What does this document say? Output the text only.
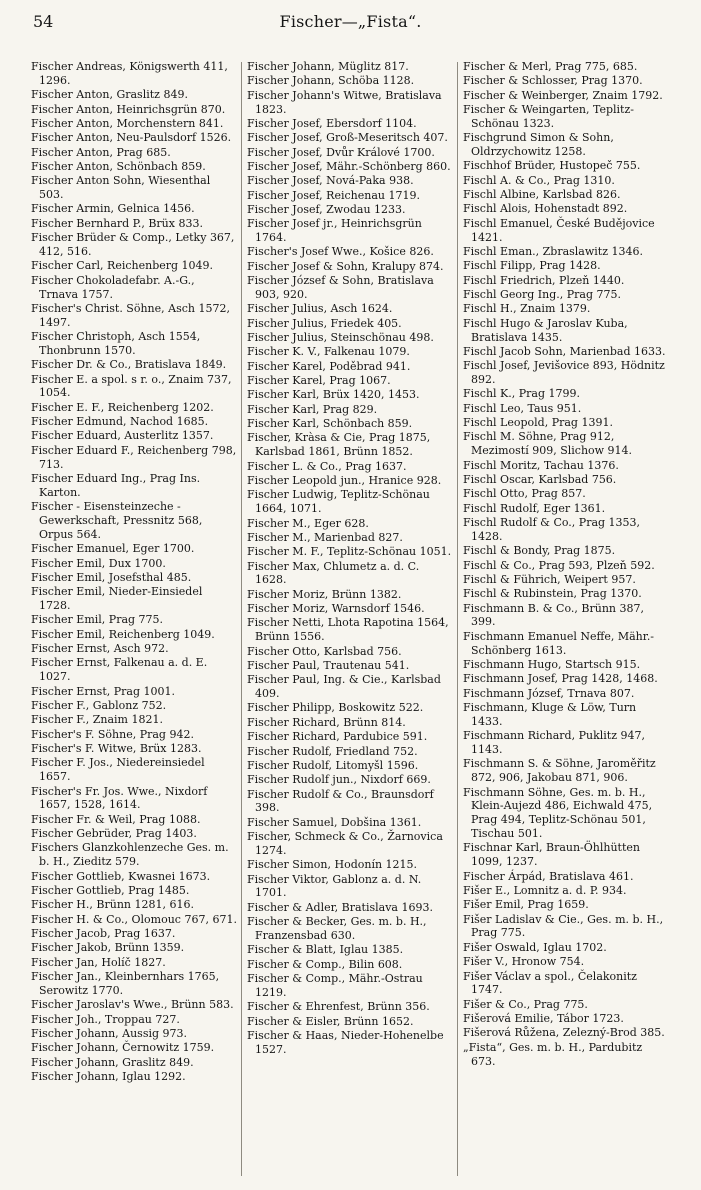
54	Fischer—„Fista“.

Fischer Andreas, Königswerth 411, 1296.

Fischer Anton, Graslitz 849.

Fischer Anton, Heinrichsgrün 870.

Fischer Anton, Morchenstern 841.

Fischer Anton, Neu-Paulsdorf 1526.

Fischer Anton, Prag 685.

Fischer Anton, Schönbach 859.

Fischer Anton Sohn, Wiesenthal 503.

Fischer Armin, Gelnica 1456.

Fischer Bernhard P., Brüx 833.

Fischer Brüder & Comp., Letky 367, 412, 516.

Fischer Carl, Reichenberg 1049.

Fischer Chokoladefabr. A.-G., Trnava 1757.

Fischer's Christ. Söhne, Asch 1572, 1497.

Fischer Christoph, Asch 1554, Thonbrunn 1570.

Fischer Dr. & Co., Bratislava 1849.

Fischer E. a spol. s r. o., Znaim 737, 1054.

Fischer E. F., Reichenberg 1202.

Fischer Edmund, Nachod 1685.

Fischer Eduard, Austerlitz 1357.

Fischer Eduard F., Reichenberg 798, 713.

Fischer Eduard Ing., Prag Ins. Karton.

Fischer - Eisensteinzeche - Gewerkschaft, Pressnitz 568, Orpus 564.

Fischer Emanuel, Eger 1700.

Fischer Emil, Dux 1700.

Fischer Emil, Josefsthal 485.

Fischer Emil, Nieder-Einsiedel 1728.

Fischer Emil, Prag 775.

Fischer Emil, Reichenberg 1049.

Fischer Ernst, Asch 972.

Fischer Ernst, Falkenau a. d. E. 1027.

Fischer Ernst, Prag 1001.

Fischer F., Gablonz 752.

Fischer F., Znaim 1821.

Fischer's F. Söhne, Prag 942.

Fischer's F. Witwe, Brüx 1283.

Fischer F. Jos., Niedereinsiedel 1657.

Fischer's Fr. Jos. Wwe., Nixdorf 1657, 1528, 1614.

Fischer Fr. & Weil, Prag 1088.

Fischer Gebrüder, Prag 1403.

Fischers Glanzkohlenzeche Ges. m. b. H., Zieditz 579.

Fischer Gottlieb, Kwasnei 1673.

Fischer Gottlieb, Prag 1485.

Fischer H., Brünn 1281, 616.

Fischer H. & Co., Olomouc 767, 671.

Fischer Jacob, Prag 1637.

Fischer Jakob, Brünn 1359.

Fischer Jan, Holíč 1827.

Fischer Jan., Kleinbernhars 1765, Serowitz 1770.

Fischer Jaroslav's Wwe., Brünn 583.

Fischer Joh., Troppau 727.

Fischer Johann, Aussig 973.

Fischer Johann, Černowitz 1759.

Fischer Johann, Graslitz 849.

Fischer Johann, Iglau 1292.

Fischer Johann, Müglitz 817.

Fischer Johann, Schöba 1128.

Fischer Johann's Witwe, Bratislava 1823.

Fischer Josef, Ebersdorf 1104.

Fischer Josef, Groß-Meseritsch 407.

Fischer Josef, Dvůr Králové 1700.

Fischer Josef, Mähr.-Schönberg 860.

Fischer Josef, Nová-Paka 938.

Fischer Josef, Reichenau 1719.

Fischer Josef, Zwodau 1233.

Fischer Josef jr., Heinrichsgrün 1764.

Fischer's Josef Wwe., Košice 826.

Fischer Josef & Sohn, Kralupy 874.

Fischer József & Sohn, Bratislava 903, 920.

Fischer Julius, Asch 1624.

Fischer Julius, Friedek 405.

Fischer Julius, Steinschönau 498.

Fischer K. V., Falkenau 1079.

Fischer Karel, Poděbrad 941.

Fischer Karel, Prag 1067.

Fischer Karl, Brüx 1420, 1453.

Fischer Karl, Prag 829.

Fischer Karl, Schönbach 859.

Fischer, Kràsa & Cie, Prag 1875, Karlsbad 1861, Brünn 1852.

Fischer L. & Co., Prag 1637.

Fischer Leopold jun., Hranice 928.

Fischer Ludwig, Teplitz-Schönau 1664, 1071.

Fischer M., Eger 628.

Fischer M., Marienbad 827.

Fischer M. F., Teplitz-Schönau 1051.

Fischer Max, Chlumetz a. d. C. 1628.

Fischer Moriz, Brünn 1382.

Fischer Moriz, Warnsdorf 1546.

Fischer Netti, Lhota Rapotina 1564, Brünn 1556.

Fischer Otto, Karlsbad 756.

Fischer Paul, Trautenau 541.

Fischer Paul, Ing. & Cie., Karlsbad 409.

Fischer Philipp, Boskowitz 522.

Fischer Richard, Brünn 814.

Fischer Richard, Pardubice 591.

Fischer Rudolf, Friedland 752.

Fischer Rudolf, Litomyšl 1596.

Fischer Rudolf jun., Nixdorf 669.

Fischer Rudolf & Co., Braunsdorf 398.

Fischer Samuel, Dobšina 1361.

Fischer, Schmeck & Co., Žarnovica 1274.

Fischer Simon, Hodonín 1215.

Fischer Viktor, Gablonz a. d. N. 1701.

Fischer & Adler, Bratislava 1693.

Fischer & Becker, Ges. m. b. H., Franzensbad 630.

Fischer & Blatt, Iglau 1385.

Fischer & Comp., Bilin 608.

Fischer & Comp., Mähr.-Ostrau 1219.

Fischer & Ehrenfest, Brünn 356.

Fischer & Eisler, Brünn 1652.

Fischer & Haas, Nieder-Hohenelbe 1527.

Fischer & Merl, Prag 775, 685.

Fischer & Schlosser, Prag 1370.

Fischer & Weinberger, Znaim 1792.

Fischer & Weingarten, Teplitz-Schönau 1323.

Fischgrund Simon & Sohn, Oldrzychowitz 1258.

Fischhof Brüder, Hustopeč 755.

Fischl A. & Co., Prag 1310.

Fischl Albine, Karlsbad 826.

Fischl Alois, Hohenstadt 892.

Fischl Emanuel, České Budějovice 1421.

Fischl Eman., Zbraslawitz 1346.

Fischl Filipp, Prag 1428.

Fischl Friedrich, Plzeň 1440.

Fischl Georg Ing., Prag 775.

Fischl H., Znaim 1379.

Fischl Hugo & Jaroslav Kuba, Bratislava 1435.

Fischl Jacob Sohn, Marienbad 1633.

Fischl Josef, Jevišovice 893, Hödnitz 892.

Fischl K., Prag 1799.

Fischl Leo, Taus 951.

Fischl Leopold, Prag 1391.

Fischl M. Söhne, Prag 912, Mezimostí 909, Slichow 914.

Fischl Moritz, Tachau 1376.

Fischl Oscar, Karlsbad 756.

Fischl Otto, Prag 857.

Fischl Rudolf, Eger 1361.

Fischl Rudolf & Co., Prag 1353, 1428.

Fischl & Bondy, Prag 1875.

Fischl & Co., Prag 593, Plzeň 592.

Fischl & Führich, Weipert 957.

Fischl & Rubinstein, Prag 1370.

Fischmann B. & Co., Brünn 387, 399.

Fischmann Emanuel Neffe, Mähr.-Schönberg 1613.

Fischmann Hugo, Startsch 915.

Fischmann Josef, Prag 1428, 1468.

Fischmann József, Trnava 807.

Fischmann, Kluge & Löw, Turn 1433.

Fischmann Richard, Puklitz 947, 1143.

Fischmann S. & Söhne, Jaroměřitz 872, 906, Jakobau 871, 906.

Fischmann Söhne, Ges. m. b. H., Klein-Aujezd 486, Eichwald 475, Prag 494, Teplitz-Schönau 501, Tischau 501.

Fischnar Karl, Braun-Öhlhütten 1099, 1237.

Fischer Árpád, Bratislava 461.

Fišer E., Lomnitz a. d. P. 934.

Fišer Emil, Prag 1659.

Fišer Ladislav & Cie., Ges. m. b. H., Prag 775.

Fišer Oswald, Iglau 1702.

Fišer V., Hronow 754.

Fišer Václav a spol., Čelakonitz 1747.

Fišer & Co., Prag 775.

Fišerová Emilie, Tábor 1723.

Fišerová Růžena, Zelezný-Brod 385.

„Fista“, Ges. m. b. H., Pardubitz 673.
